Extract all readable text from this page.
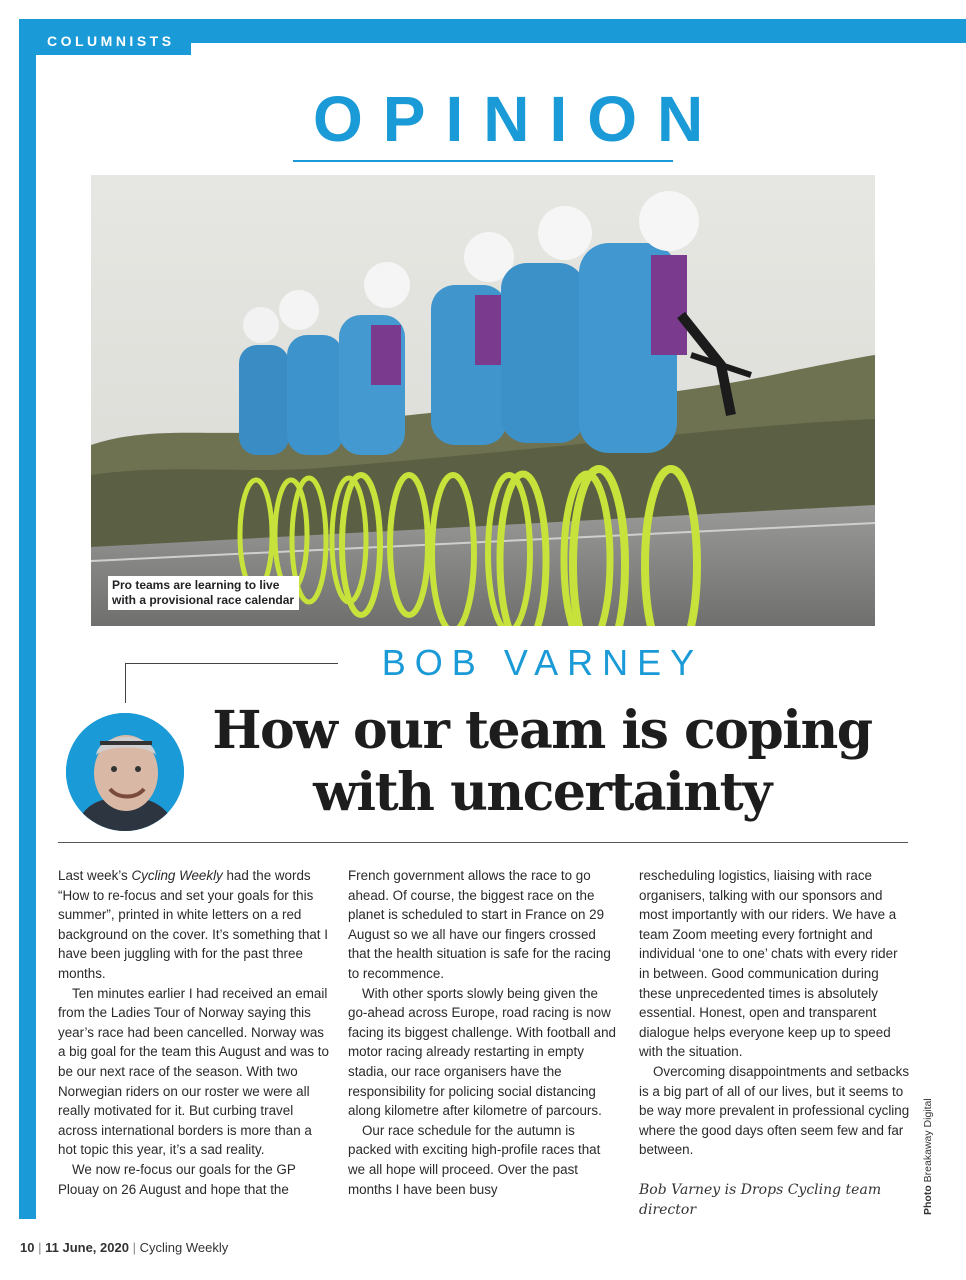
COLUMNISTS
OPINION
Pro teams are learning to live
with a provisional race calendar
BOB VARNEY
How our team is coping
with uncertainty

Last week’s Cycling Weekly had the words “How to re-focus and set your goals for this summer”, printed in white letters on a red background on the cover. It’s something that I have been juggling with for the past three months.

Ten minutes earlier I had received an email from the Ladies Tour of Norway saying this year’s race had been cancelled. Norway was a big goal for the team this August and was to be our next race of the season. With two Norwegian riders on our roster we were all really motivated for it. But curbing travel across international borders is more than a hot topic this year, it’s a sad reality.

We now re-focus our goals for the GP Plouay on 26 August and hope that the

French government allows the race to go ahead. Of course, the biggest race on the planet is scheduled to start in France on 29 August so we all have our fingers crossed that the health situation is safe for the racing to recommence.

With other sports slowly being given the go-ahead across Europe, road racing is now facing its biggest challenge. With football and motor racing already restarting in empty stadia, our race organisers have the responsibility for policing social distancing along kilometre after kilometre of parcours.

Our race schedule for the autumn is packed with exciting high-profile races that we all hope will proceed. Over the past months I have been busy

rescheduling logistics, liaising with race organisers, talking with our sponsors and most importantly with our riders. We have a team Zoom meeting every fortnight and individual ‘one to one’ chats with every rider in between. Good communication during these unprecedented times is absolutely essential. Honest, open and transparent dialogue helps everyone keep up to speed with the situation.

Overcoming disappointments and setbacks is a big part of all of our lives, but it seems to be way more prevalent in professional cycling where the good days often seem few and far between.

Bob Varney is Drops Cycling team director	Photo Breakaway Digital
10 | 11 June, 2020 | Cycling Weekly
